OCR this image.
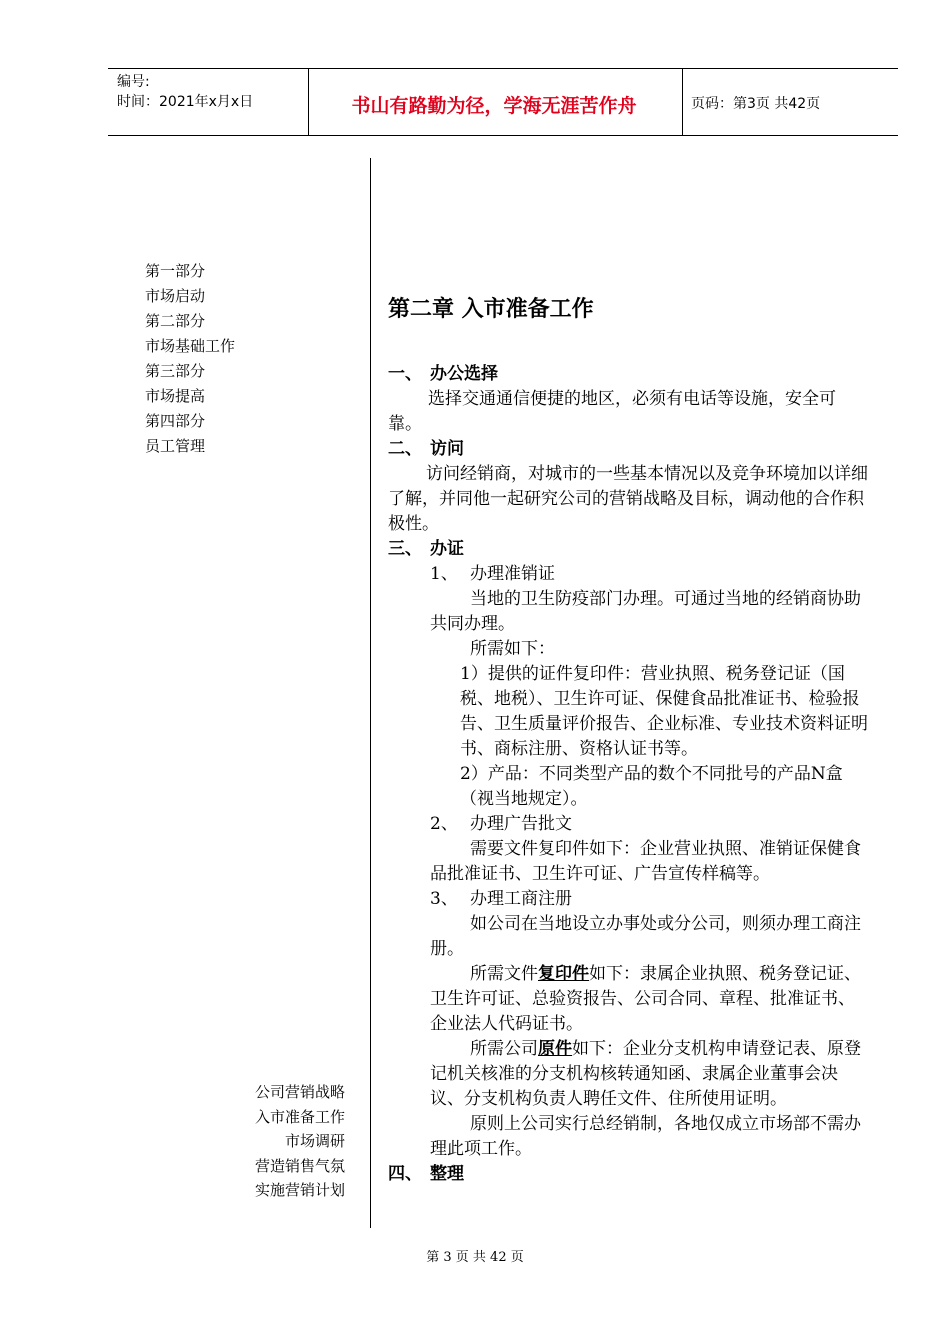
编号:
时间：2021年x月x日	书山有路勤为径，学海无涯苦作舟	页码：第3页 共42页
第一部分
市场启动
第二部分
市场基础工作
第三部分
市场提高
第四部分
员工管理
公司营销战略
入市准备工作
市场调研
营造销售气氛
实施营销计划
第二章 入市准备工作
一、 办公选择
选择交通通信便捷的地区，必须有电话等设施，安全可靠。
二、 访问
访问经销商，对城市的一些基本情况以及竞争环境加以详细了解，并同他一起研究公司的营销战略及目标，调动他的合作积极性。
三、 办证
1、 办理准销证
当地的卫生防疫部门办理。可通过当地的经销商协助共同办理。
所需如下：
1）提供的证件复印件：营业执照、税务登记证（国税、地税）、卫生许可证、保健食品批准证书、检验报告、卫生质量评价报告、企业标准、专业技术资料证明书、商标注册、资格认证书等。
2）产品：不同类型产品的数个不同批号的产品N盒（视当地规定）。
2、 办理广告批文
需要文件复印件如下：企业营业执照、准销证保健食品批准证书、卫生许可证、广告宣传样稿等。
3、 办理工商注册
如公司在当地设立办事处或分公司，则须办理工商注册。
所需文件复印件如下：隶属企业执照、税务登记证、卫生许可证、总验资报告、公司合同、章程、批准证书、企业法人代码证书。
所需公司原件如下：企业分支机构申请登记表、原登记机关核准的分支机构核转通知函、隶属企业董事会决议、分支机构负责人聘任文件、住所使用证明。
原则上公司实行总经销制，各地仅成立市场部不需办理此项工作。
四、 整理
第 3 页 共 42 页
